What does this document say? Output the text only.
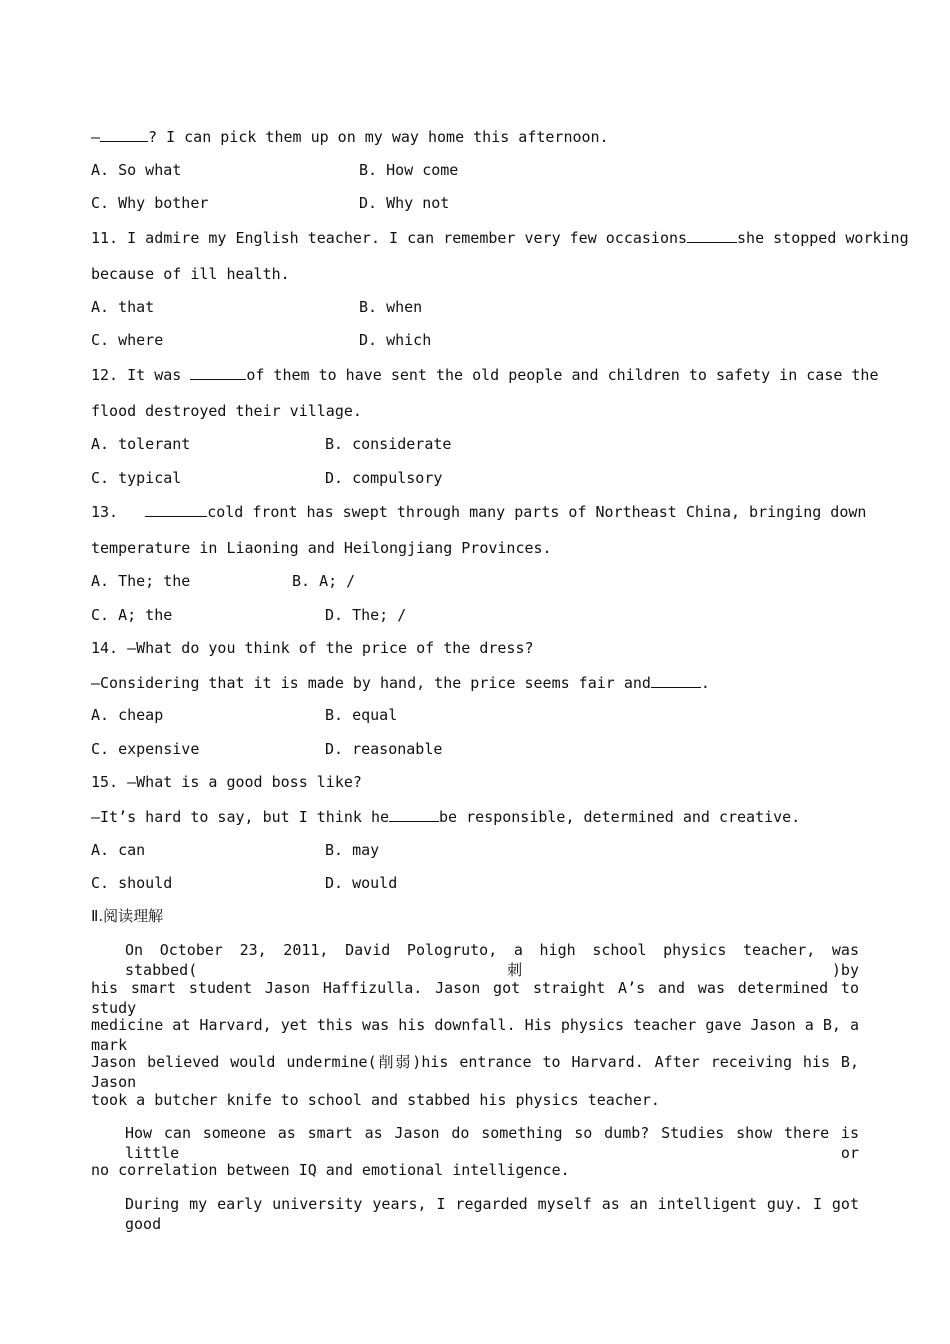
—	? I can pick them up on my way home this afternoon.
A. So what	B. How come
C. Why bother	D. Why not
11. I admire my English teacher. I can remember very few occasions	she stopped working
because of ill health.
A. that	B. when
C. where	D. which
12. It was	of them to have sent the old people and children to safety in case the
flood destroyed their village.
A. tolerant	B. considerate
C. typical	D. compulsory
13.	cold front has swept through many parts of Northeast China, bringing down
temperature in Liaoning and Heilongjiang Provinces.
A. The; the	B. A; /
C. A; the	D. The; /
14. —What do you think of the price of the dress?
—Considering that it is made by hand, the price seems fair and	.
A. cheap	B. equal
C. expensive	D. reasonable
15. —What is a good boss like?
—It’s hard to say, but I think he	be responsible, determined and creative.
A. can	B. may
C. should	D. would
Ⅱ.阅读理解
On October 23, 2011, David Pologruto, a high school physics teacher, was stabbed(刺)by
his smart student Jason Haffizulla. Jason got straight A’s and was determined to study
medicine at Harvard, yet this was his downfall. His physics teacher gave Jason a B, a mark
Jason believed would undermine(削弱)his entrance to Harvard. After receiving his B, Jason
took a butcher knife to school and stabbed his physics teacher.
How can someone as smart as Jason do something so dumb? Studies show there is little or
no correlation between IQ and emotional intelligence.
During my early university years, I regarded myself as an intelligent guy. I got good
